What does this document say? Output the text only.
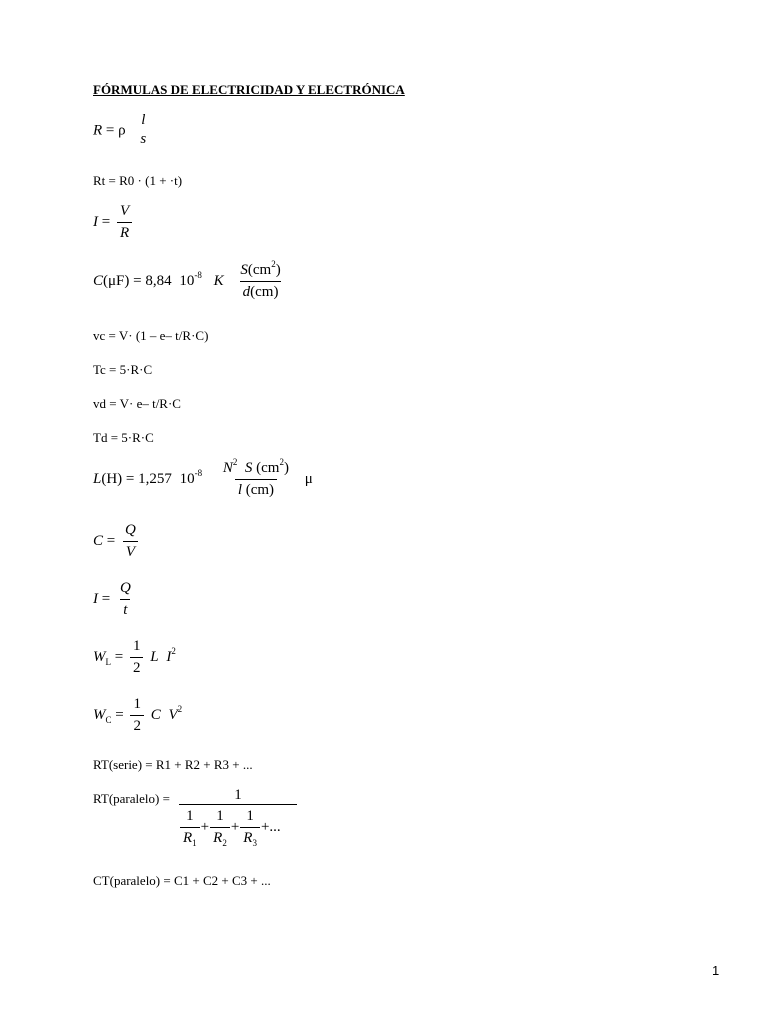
FÓRMULAS DE ELECTRICIDAD Y ELECTRÓNICA
R = ρ
l
s
Rt = R0 · (1 + ·t)
$I = \frac{V}{R}$
C(μF) = 8,84 $10^{-8}$ K $\frac{S(cm^2)}{d(cm)}$
vc = V· (1 – e– t/R·C)
Tc = 5·R·C
vd = V· e– t/R·C
Td = 5·R·C
L(H) = 1,257 $10^{-8} \frac{N^2 S (cm^2)}{l (cm)}$ μ
$C = \frac{Q}{V}$
$I = \frac{Q}{t}$
$W_L = \frac{1}{2}$ L $I^2$
$W_C = \frac{1}{2}$ C $V^2$
RT(serie) = R1 + R2 + R3 + ...
RT(paralelo) = $\frac{1}{\frac{1}{R_1} + \frac{1}{R_2} + \frac{1}{R_3} +...}$
CT(paralelo) = C1 + C2 + C3 + ...
1
